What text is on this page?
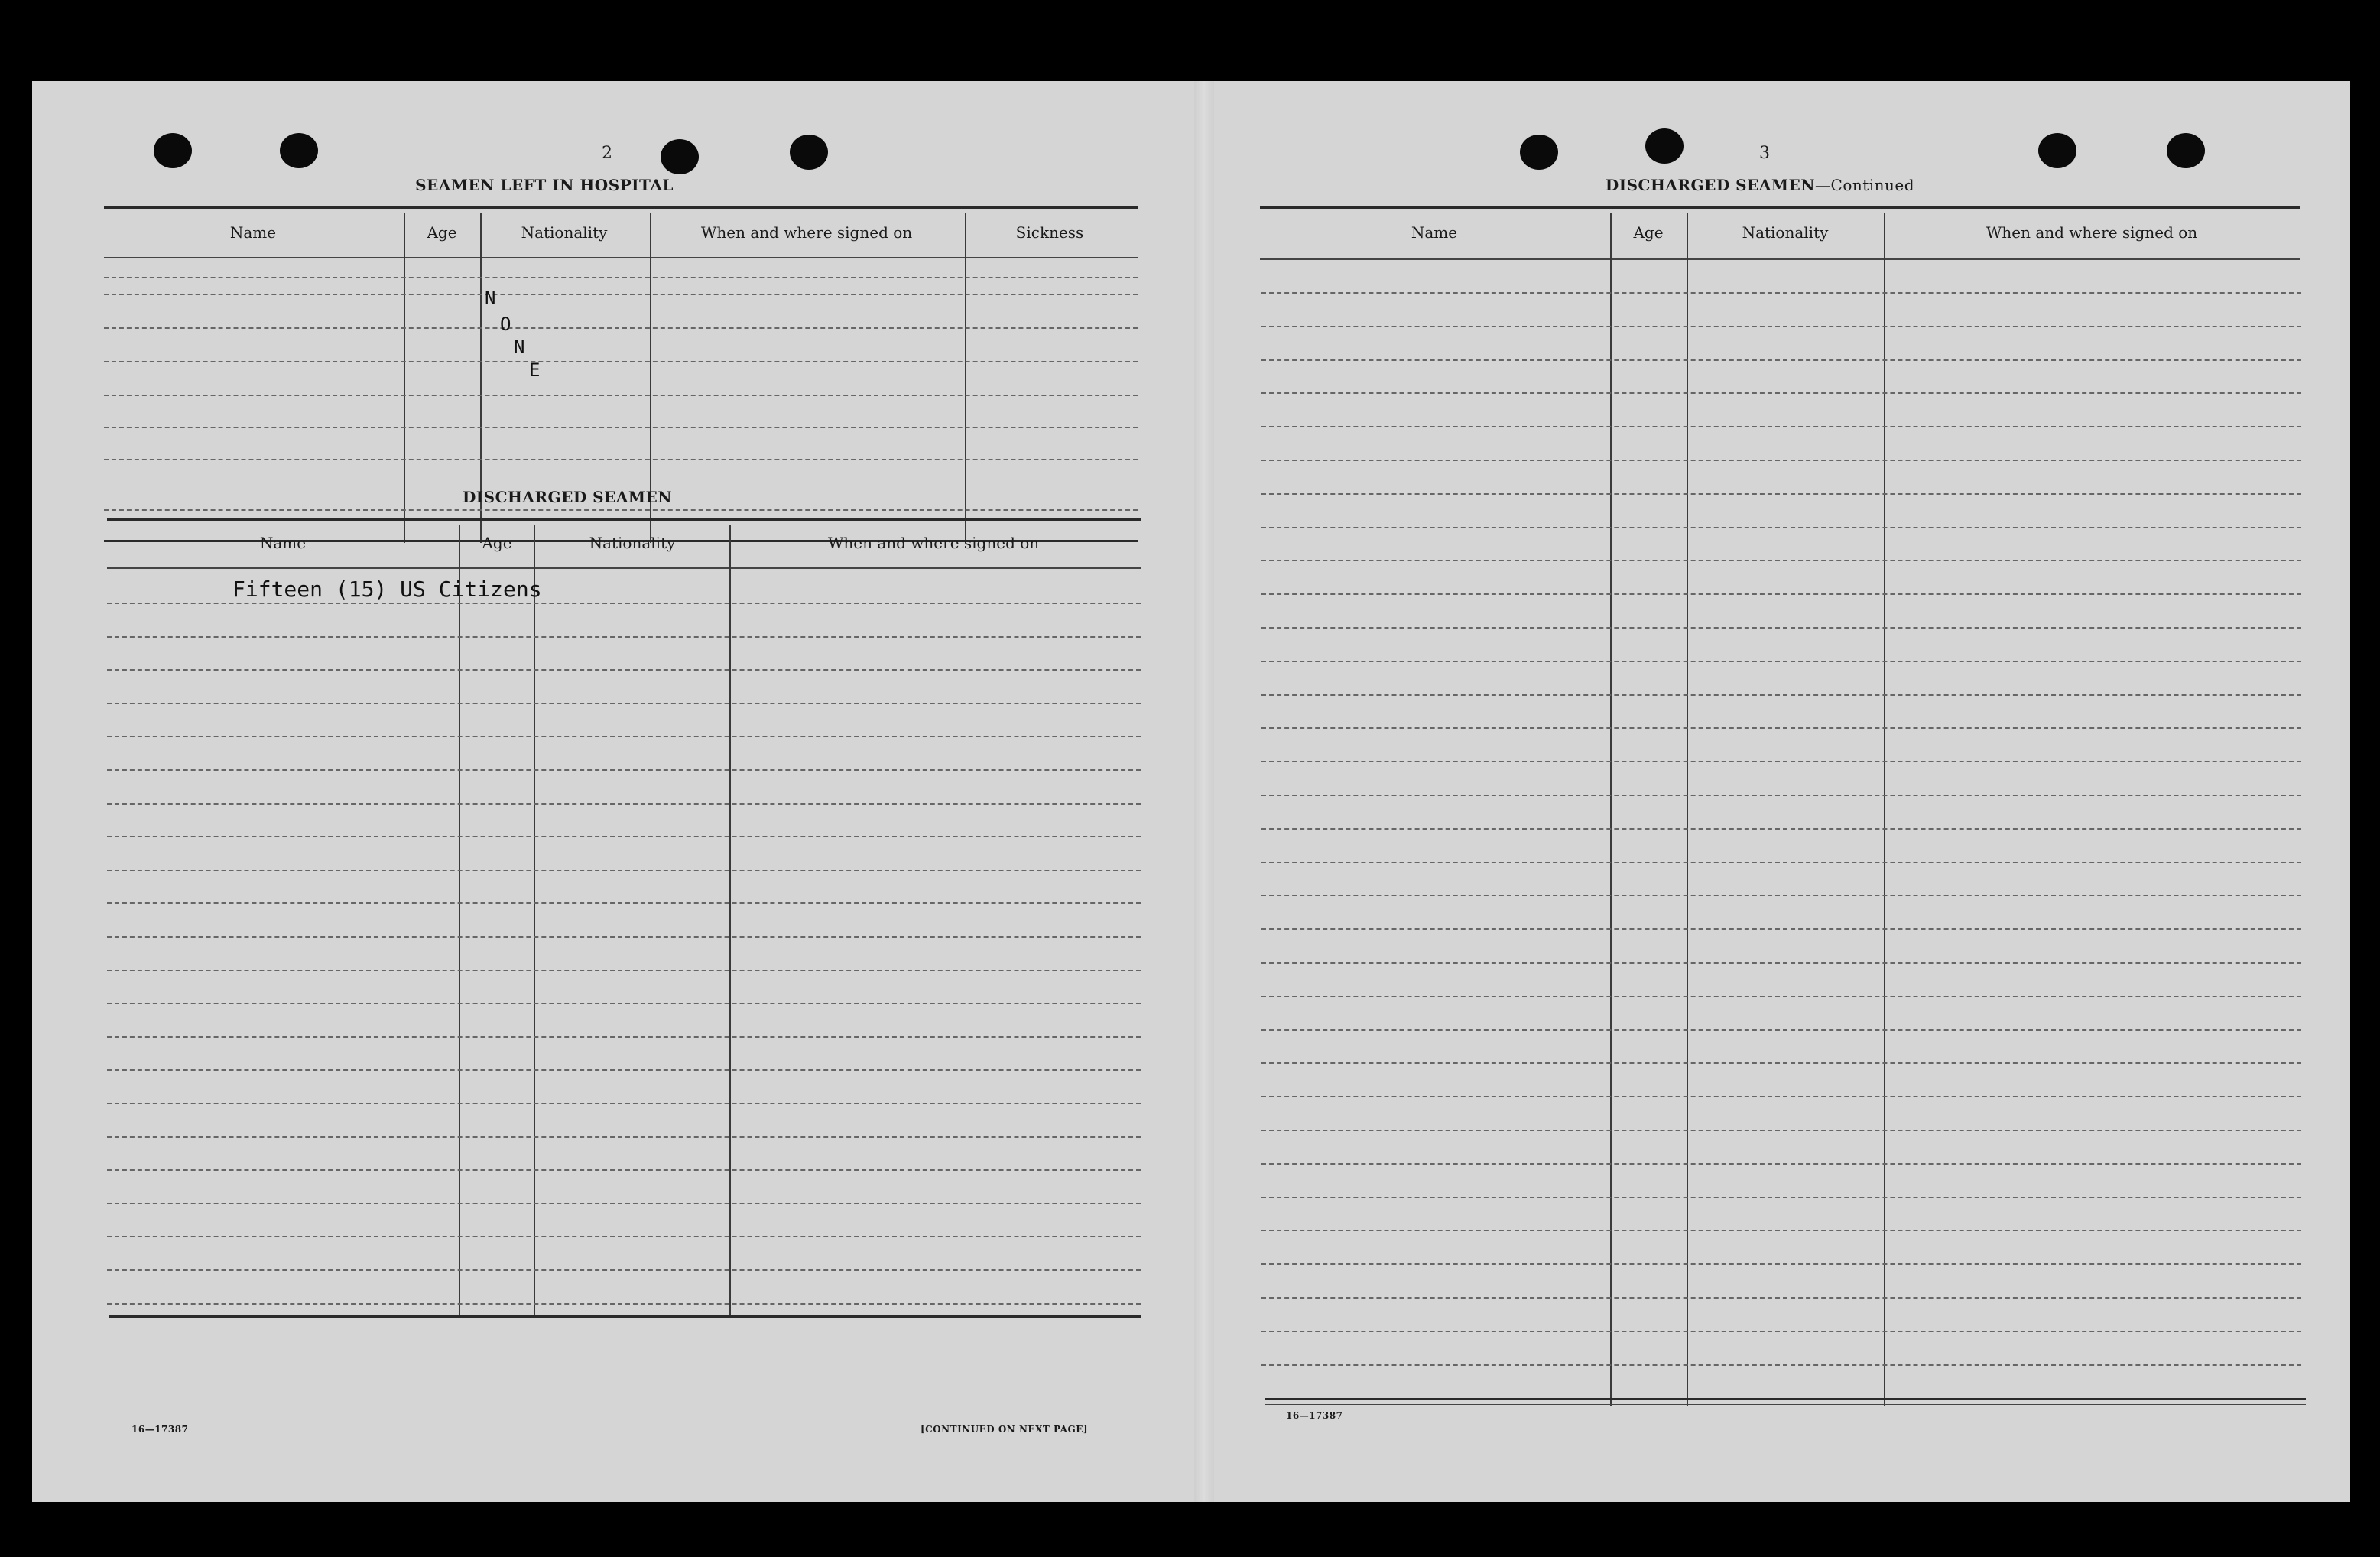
2
SEAMEN LEFT IN HOSPITAL
Name	Age	Nationality	When and where signed on	Sickness
N
O
N
E
DISCHARGED SEAMEN
Name	Age	Nationality	When and where signed on
Fifteen (15) US Citizens
16—17387	[CONTINUED ON NEXT PAGE]
3
DISCHARGED SEAMEN—Continued
Name	Age	Nationality	When and where signed on
16—17387
